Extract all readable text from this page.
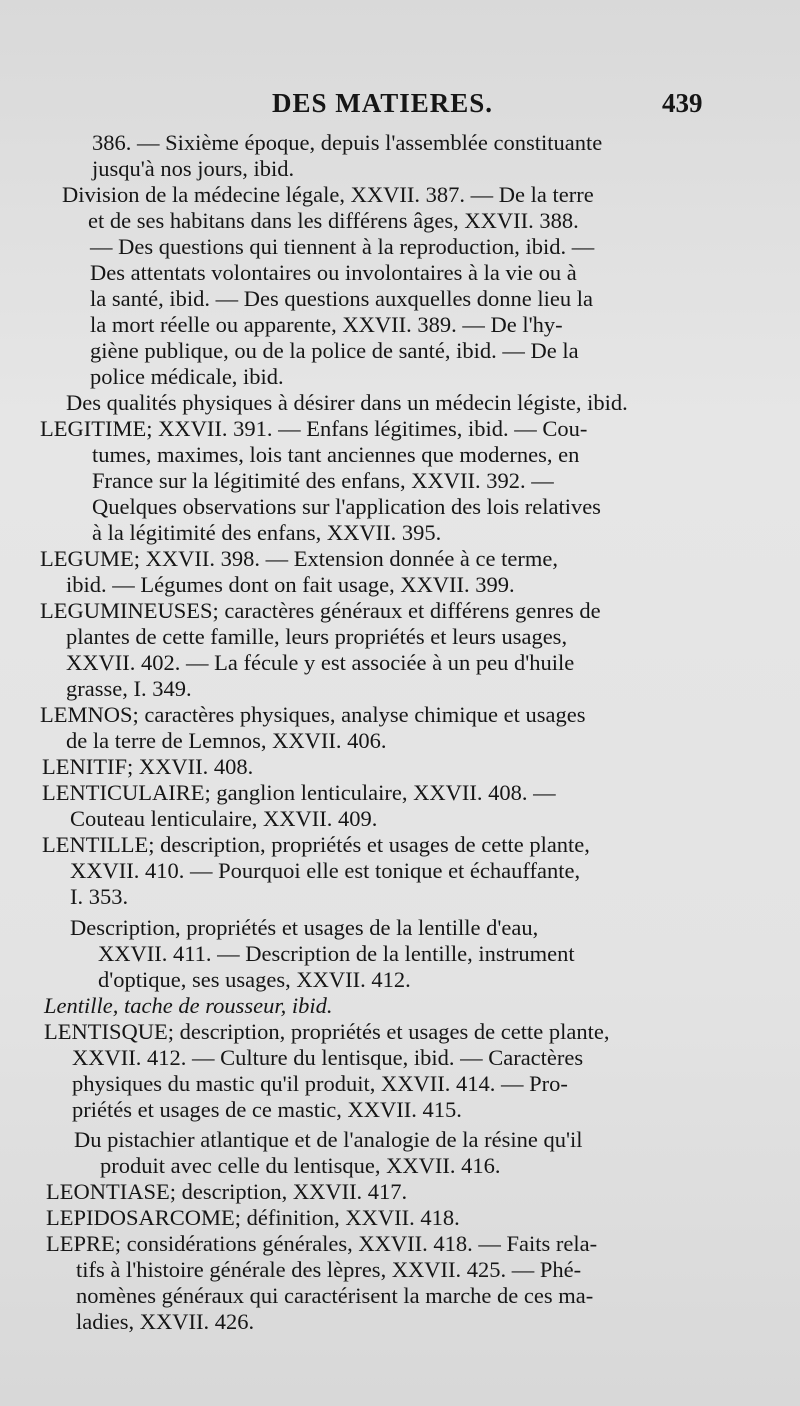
DES MATIERES.	439
386. — Sixième époque, depuis l'assemblée constituante
jusqu'à nos jours, ibid.
Division de la médecine légale, XXVII. 387. — De la terre
et de ses habitans dans les différens âges, XXVII. 388.
— Des questions qui tiennent à la reproduction, ibid. —
Des attentats volontaires ou involontaires à la vie ou à
la santé, ibid. — Des questions auxquelles donne lieu la
la mort réelle ou apparente, XXVII. 389. — De l'hy-
giène publique, ou de la police de santé, ibid. — De la
police médicale, ibid.
Des qualités physiques à désirer dans un médecin légiste, ibid.
LEGITIME; XXVII. 391. — Enfans légitimes, ibid. — Cou-
tumes, maximes, lois tant anciennes que modernes, en
France sur la légitimité des enfans, XXVII. 392. —
Quelques observations sur l'application des lois relatives
à la légitimité des enfans, XXVII. 395.
LEGUME; XXVII. 398. — Extension donnée à ce terme,
ibid. — Légumes dont on fait usage, XXVII. 399.
LEGUMINEUSES; caractères généraux et différens genres de
plantes de cette famille, leurs propriétés et leurs usages,
XXVII. 402. — La fécule y est associée à un peu d'huile
grasse, I. 349.
LEMNOS; caractères physiques, analyse chimique et usages
de la terre de Lemnos, XXVII. 406.
LENITIF; XXVII. 408.
LENTICULAIRE; ganglion lenticulaire, XXVII. 408. —
Couteau lenticulaire, XXVII. 409.
LENTILLE; description, propriétés et usages de cette plante,
XXVII. 410. — Pourquoi elle est tonique et échauffante,
I. 353.
Description, propriétés et usages de la lentille d'eau,
XXVII. 411. — Description de la lentille, instrument
d'optique, ses usages, XXVII. 412.
Lentille, tache de rousseur, ibid.
LENTISQUE; description, propriétés et usages de cette plante,
XXVII. 412. — Culture du lentisque, ibid. — Caractères
physiques du mastic qu'il produit, XXVII. 414. — Pro-
priétés et usages de ce mastic, XXVII. 415.
Du pistachier atlantique et de l'analogie de la résine qu'il
produit avec celle du lentisque, XXVII. 416.
LEONTIASE; description, XXVII. 417.
LEPIDOSARCOME; définition, XXVII. 418.
LEPRE; considérations générales, XXVII. 418. — Faits rela-
tifs à l'histoire générale des lèpres, XXVII. 425. — Phé-
nomènes généraux qui caractérisent la marche de ces ma-
ladies, XXVII. 426.
